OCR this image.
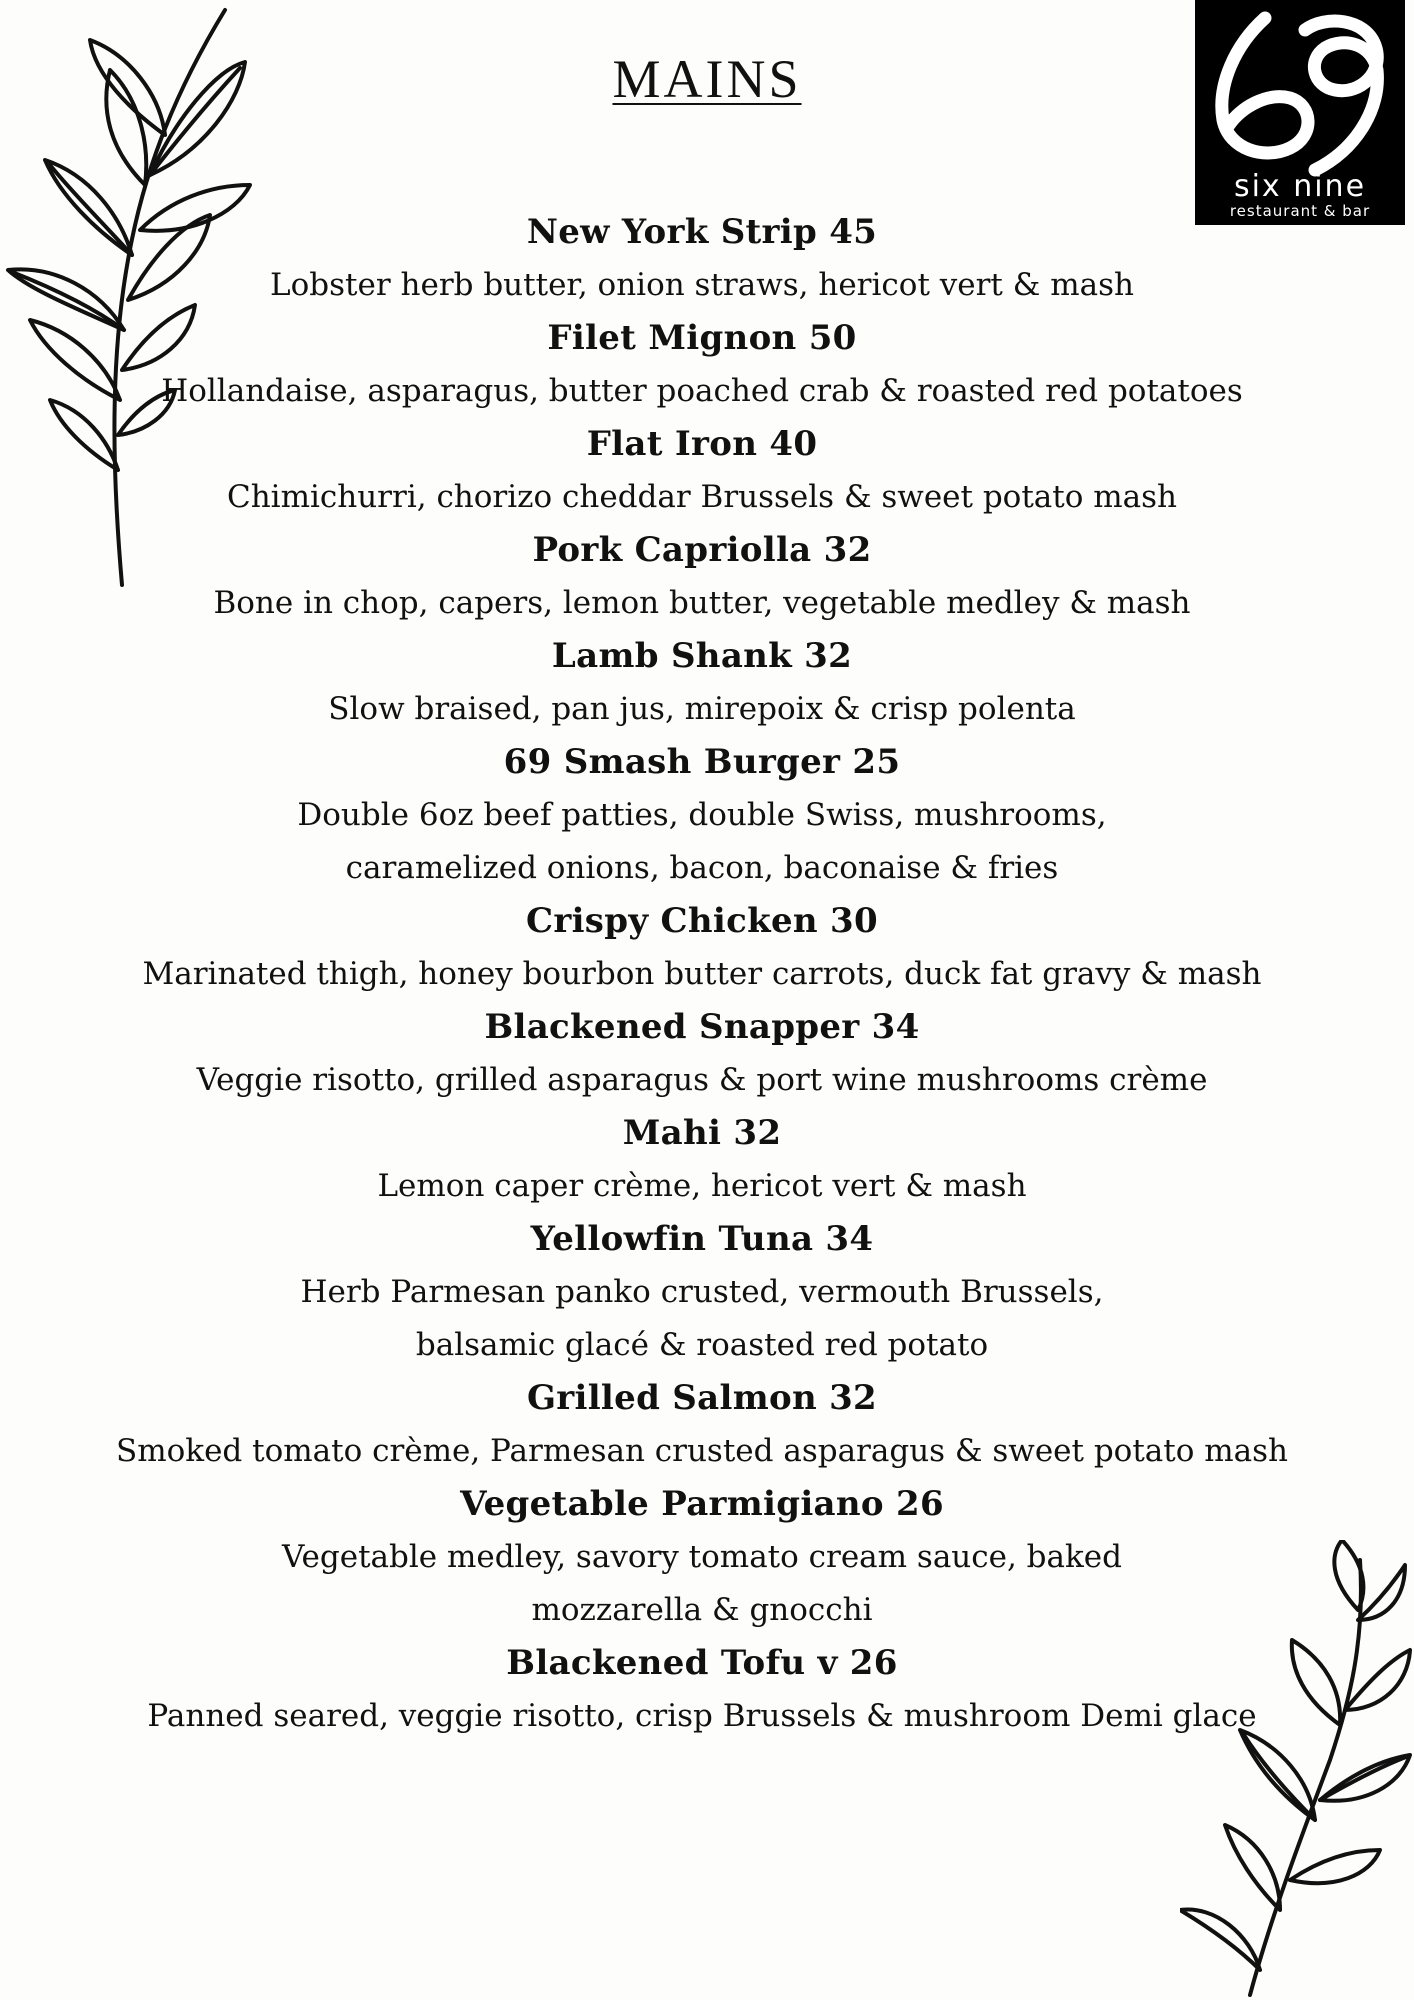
MAINS
six nine
restaurant & bar
New York Strip 45
Lobster herb butter, onion straws, hericot vert & mash
Filet Mignon 50
Hollandaise, asparagus, butter poached crab & roasted red potatoes
Flat Iron 40
Chimichurri, chorizo cheddar Brussels & sweet potato mash
Pork Capriolla 32
Bone in chop, capers, lemon butter, vegetable medley & mash
Lamb Shank 32
Slow braised, pan jus, mirepoix & crisp polenta
69 Smash Burger 25
Double 6oz beef patties, double Swiss, mushrooms, caramelized onions, bacon, baconaise & fries
Crispy Chicken 30
Marinated thigh, honey bourbon butter carrots, duck fat gravy & mash
Blackened Snapper 34
Veggie risotto, grilled asparagus & port wine mushrooms crème
Mahi 32
Lemon caper crème, hericot vert & mash
Yellowfin Tuna 34
Herb Parmesan panko crusted, vermouth Brussels, balsamic glacé & roasted red potato
Grilled Salmon 32
Smoked tomato crème, Parmesan crusted asparagus & sweet potato mash
Vegetable Parmigiano 26
Vegetable medley, savory tomato cream sauce, baked mozzarella & gnocchi
Blackened Tofu v 26
Panned seared, veggie risotto, crisp Brussels & mushroom Demi glace
